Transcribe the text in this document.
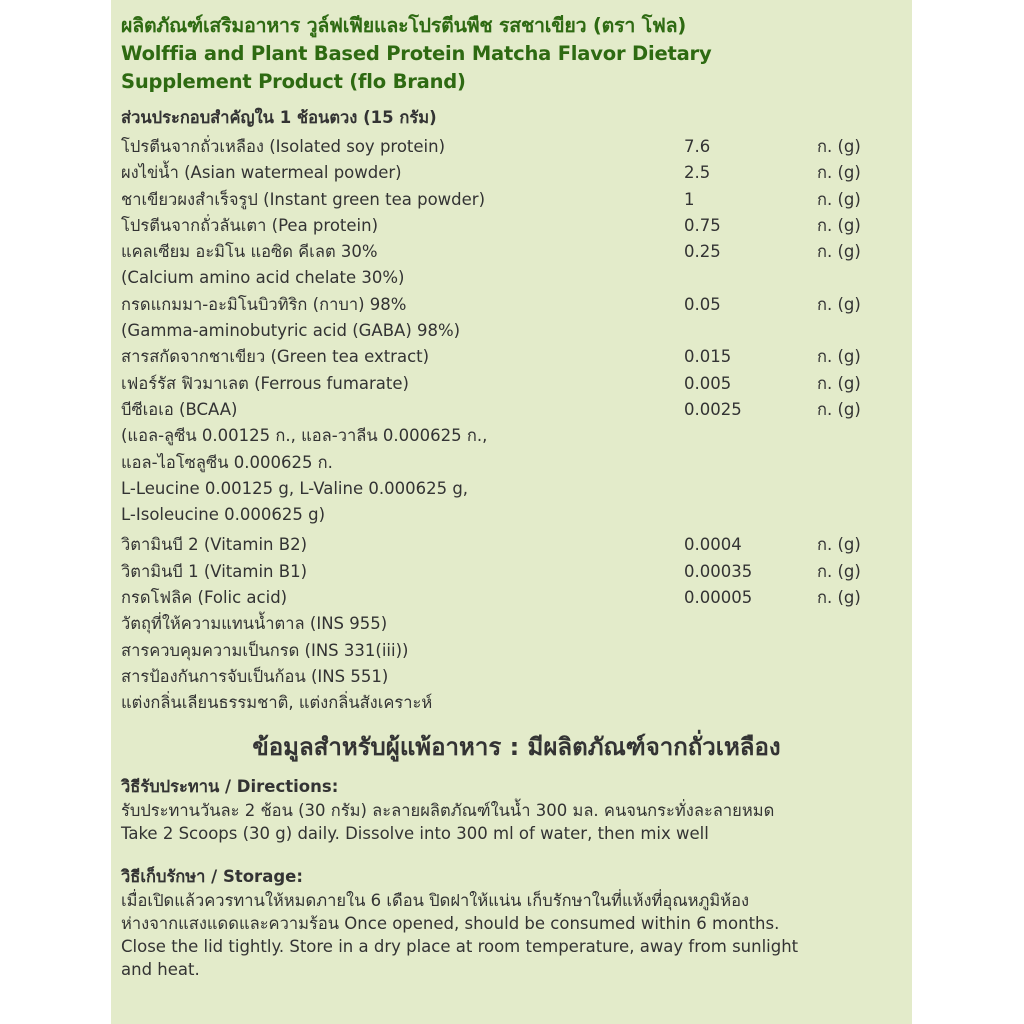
ผลิตภัณฑ์เสริมอาหาร วูล์ฟเฟียและโปรตีนพืช รสชาเขียว (ตรา โฟล)

Wolffia and Plant Based Protein Matcha Flavor Dietary

Supplement Product (flo Brand)

ส่วนประกอบสำคัญใน 1 ช้อนตวง (15 กรัม)
โปรตีนจากถั่วเหลือง (Isolated soy protein)	7.6	ก. (g)
ผงไข่น้ำ (Asian watermeal powder)	2.5	ก. (g)
ชาเขียวผงสำเร็จรูป (Instant green tea powder)	1	ก. (g)
โปรตีนจากถั่วลันเตา (Pea protein)	0.75	ก. (g)
แคลเซียม อะมิโน แอซิด คีเลต 30%	0.25	ก. (g)
(Calcium amino acid chelate 30%)
กรดแกมมา-อะมิโนบิวทิริก (กาบา) 98%	0.05	ก. (g)
(Gamma-aminobutyric acid (GABA) 98%)
สารสกัดจากชาเขียว (Green tea extract)	0.015	ก. (g)
เฟอร์รัส ฟิวมาเลต (Ferrous fumarate)	0.005	ก. (g)
บีซีเอเอ (BCAA)	0.0025	ก. (g)
(แอล-ลูซีน 0.00125 ก., แอล-วาลีน 0.000625 ก.,
แอล-ไอโซลูซีน 0.000625 ก.
L-Leucine 0.00125 g, L-Valine 0.000625 g,
L-Isoleucine 0.000625 g)
วิตามินบี 2 (Vitamin B2)	0.0004	ก. (g)
วิตามินบี 1 (Vitamin B1)	0.00035	ก. (g)
กรดโฟลิค (Folic acid)	0.00005	ก. (g)
วัตถุที่ให้ความแทนน้ำตาล (INS 955)
สารควบคุมความเป็นกรด (INS 331(iii))
สารป้องกันการจับเป็นก้อน (INS 551)
แต่งกลิ่นเลียนธรรมชาติ, แต่งกลิ่นสังเคราะห์
ข้อมูลสำหรับผู้แพ้อาหาร : มีผลิตภัณฑ์จากถั่วเหลือง

วิธีรับประทาน / Directions:

รับประทานวันละ 2 ช้อน (30 กรัม) ละลายผลิตภัณฑ์ในน้ำ 300 มล. คนจนกระทั่งละลายหมด

Take 2 Scoops (30 g) daily. Dissolve into 300 ml of water, then mix well

วิธีเก็บรักษา / Storage:

เมื่อเปิดแล้วควรทานให้หมดภายใน 6 เดือน ปิดฝาให้แน่น เก็บรักษาในที่แห้งที่อุณหภูมิห้อง

ห่างจากแสงแดดและความร้อน Once opened, should be consumed within 6 months.

Close the lid tightly. Store in a dry place at room temperature, away from sunlight

and heat.
